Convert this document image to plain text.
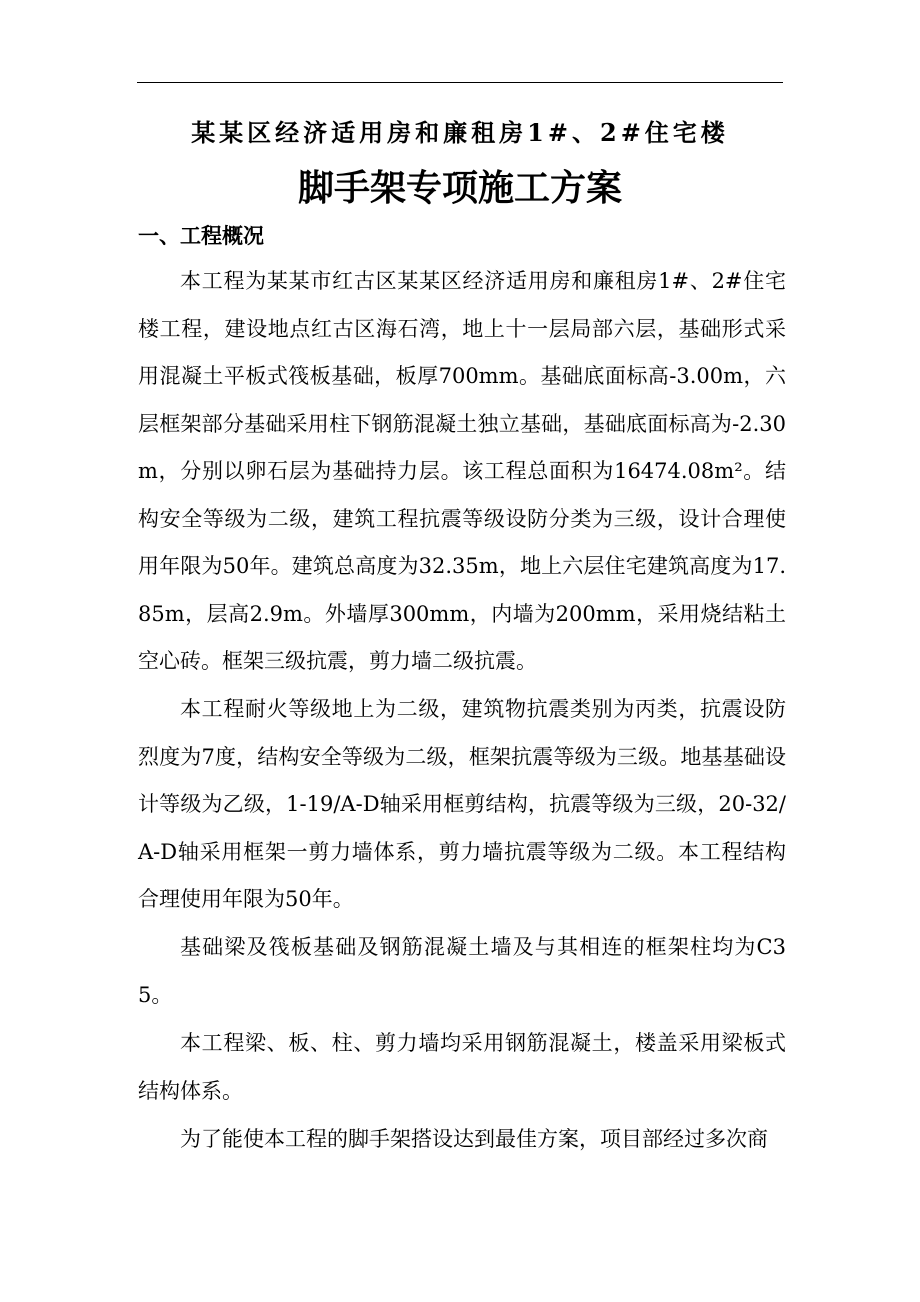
某某区经济适用房和廉租房1#、2#住宅楼
脚手架专项施工方案
一、工程概况

本工程为某某市红古区某某区经济适用房和廉租房1#、2#住宅楼工程，建设地点红古区海石湾，地上十一层局部六层，基础形式采用混凝土平板式筏板基础，板厚700mm。基础底面标高-3.00m，六层框架部分基础采用柱下钢筋混凝土独立基础，基础底面标高为-2.30m，分别以卵石层为基础持力层。该工程总面积为16474.08m²。结构安全等级为二级，建筑工程抗震等级设防分类为三级，设计合理使用年限为50年。建筑总高度为32.35m，地上六层住宅建筑高度为17.85m，层高2.9m。外墙厚300mm，内墙为200mm，采用烧结粘土空心砖。框架三级抗震，剪力墙二级抗震。

本工程耐火等级地上为二级，建筑物抗震类别为丙类，抗震设防烈度为7度，结构安全等级为二级，框架抗震等级为三级。地基基础设计等级为乙级，1-19/A-D轴采用框剪结构，抗震等级为三级，20-32/A-D轴采用框架一剪力墙体系，剪力墙抗震等级为二级。本工程结构合理使用年限为50年。

基础梁及筏板基础及钢筋混凝土墙及与其相连的框架柱均为C35。

本工程梁、板、柱、剪力墙均采用钢筋混凝土，楼盖采用梁板式结构体系。

为了能使本工程的脚手架搭设达到最佳方案，项目部经过多次商
